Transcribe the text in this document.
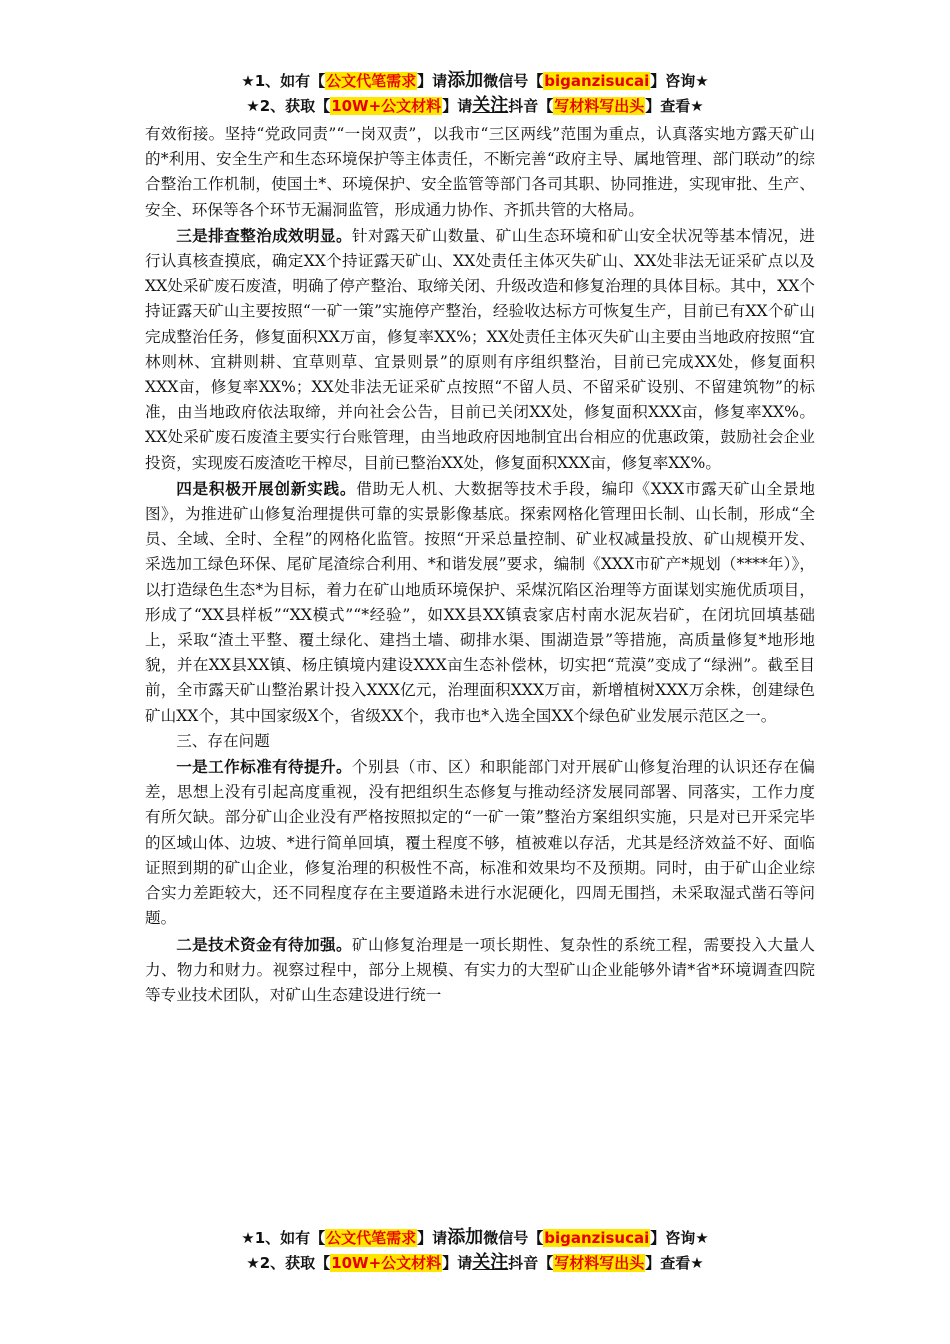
★1、如有【公文代笔需求】请添加微信号【biganzisucai】咨询★
★2、获取【10W+公文材料】请关注抖音【写材料写出头】查看★

有效衔接。坚持“党政同责”“一岗双责”，以我市“三区两线”范围为重点，认真落实地方露天矿山的*利用、安全生产和生态环境保护等主体责任，不断完善“政府主导、属地管理、部门联动”的综合整治工作机制，使国土*、环境保护、安全监管等部门各司其职、协同推进，实现审批、生产、安全、环保等各个环节无漏洞监管，形成通力协作、齐抓共管的大格局。

三是排查整治成效明显。针对露天矿山数量、矿山生态环境和矿山安全状况等基本情况，进行认真核查摸底，确定XX个持证露天矿山、XX处责任主体灭失矿山、XX处非法无证采矿点以及XX处采矿废石废渣，明确了停产整治、取缔关闭、升级改造和修复治理的具体目标。其中，XX个持证露天矿山主要按照“一矿一策”实施停产整治，经验收达标方可恢复生产，目前已有XX个矿山完成整治任务，修复面积XX万亩，修复率XX%；XX处责任主体灭失矿山主要由当地政府按照“宜林则林、宜耕则耕、宜草则草、宜景则景”的原则有序组织整治，目前已完成XX处，修复面积XXX亩，修复率XX%；XX处非法无证采矿点按照“不留人员、不留采矿设别、不留建筑物”的标准，由当地政府依法取缔，并向社会公告，目前已关闭XX处，修复面积XXX亩，修复率XX%。XX处采矿废石废渣主要实行台账管理，由当地政府因地制宜出台相应的优惠政策，鼓励社会企业投资，实现废石废渣吃干榨尽，目前已整治XX处，修复面积XXX亩，修复率XX%。

四是积极开展创新实践。借助无人机、大数据等技术手段，编印《XXX市露天矿山全景地图》，为推进矿山修复治理提供可靠的实景影像基底。探索网格化管理田长制、山长制，形成“全员、全域、全时、全程”的网格化监管。按照“开采总量控制、矿业权减量投放、矿山规模开发、采选加工绿色环保、尾矿尾渣综合利用、*和谐发展”要求，编制《XXX市矿产*规划（****年）》，以打造绿色生态*为目标，着力在矿山地质环境保护、采煤沉陷区治理等方面谋划实施优质项目，形成了“XX县样板”“XX模式”“*经验”，如XX县XX镇袁家店村南水泥灰岩矿，在闭坑回填基础上，采取“渣土平整、覆土绿化、建挡土墙、砌排水渠、围湖造景”等措施，高质量修复*地形地貌，并在XX县XX镇、杨庄镇境内建设XXX亩生态补偿林，切实把“荒漠”变成了“绿洲”。截至目前，全市露天矿山整治累计投入XXX亿元，治理面积XXX万亩，新增植树XXX万余株，创建绿色矿山XX个，其中国家级X个，省级XX个，我市也*入选全国XX个绿色矿业发展示范区之一。

三、存在问题

一是工作标准有待提升。个别县（市、区）和职能部门对开展矿山修复治理的认识还存在偏差，思想上没有引起高度重视，没有把组织生态修复与推动经济发展同部署、同落实，工作力度有所欠缺。部分矿山企业没有严格按照拟定的“一矿一策”整治方案组织实施，只是对已开采完毕的区域山体、边坡、*进行简单回填，覆土程度不够，植被难以存活，尤其是经济效益不好、面临证照到期的矿山企业，修复治理的积极性不高，标准和效果均不及预期。同时，由于矿山企业综合实力差距较大，还不同程度存在主要道路未进行水泥硬化，四周无围挡，未采取湿式凿石等问题。

二是技术资金有待加强。矿山修复治理是一项长期性、复杂性的系统工程，需要投入大量人力、物力和财力。视察过程中，部分上规模、有实力的大型矿山企业能够外请*省*环境调查四院等专业技术团队，对矿山生态建设进行统一

★1、如有【公文代笔需求】请添加微信号【biganzisucai】咨询★
★2、获取【10W+公文材料】请关注抖音【写材料写出头】查看★
